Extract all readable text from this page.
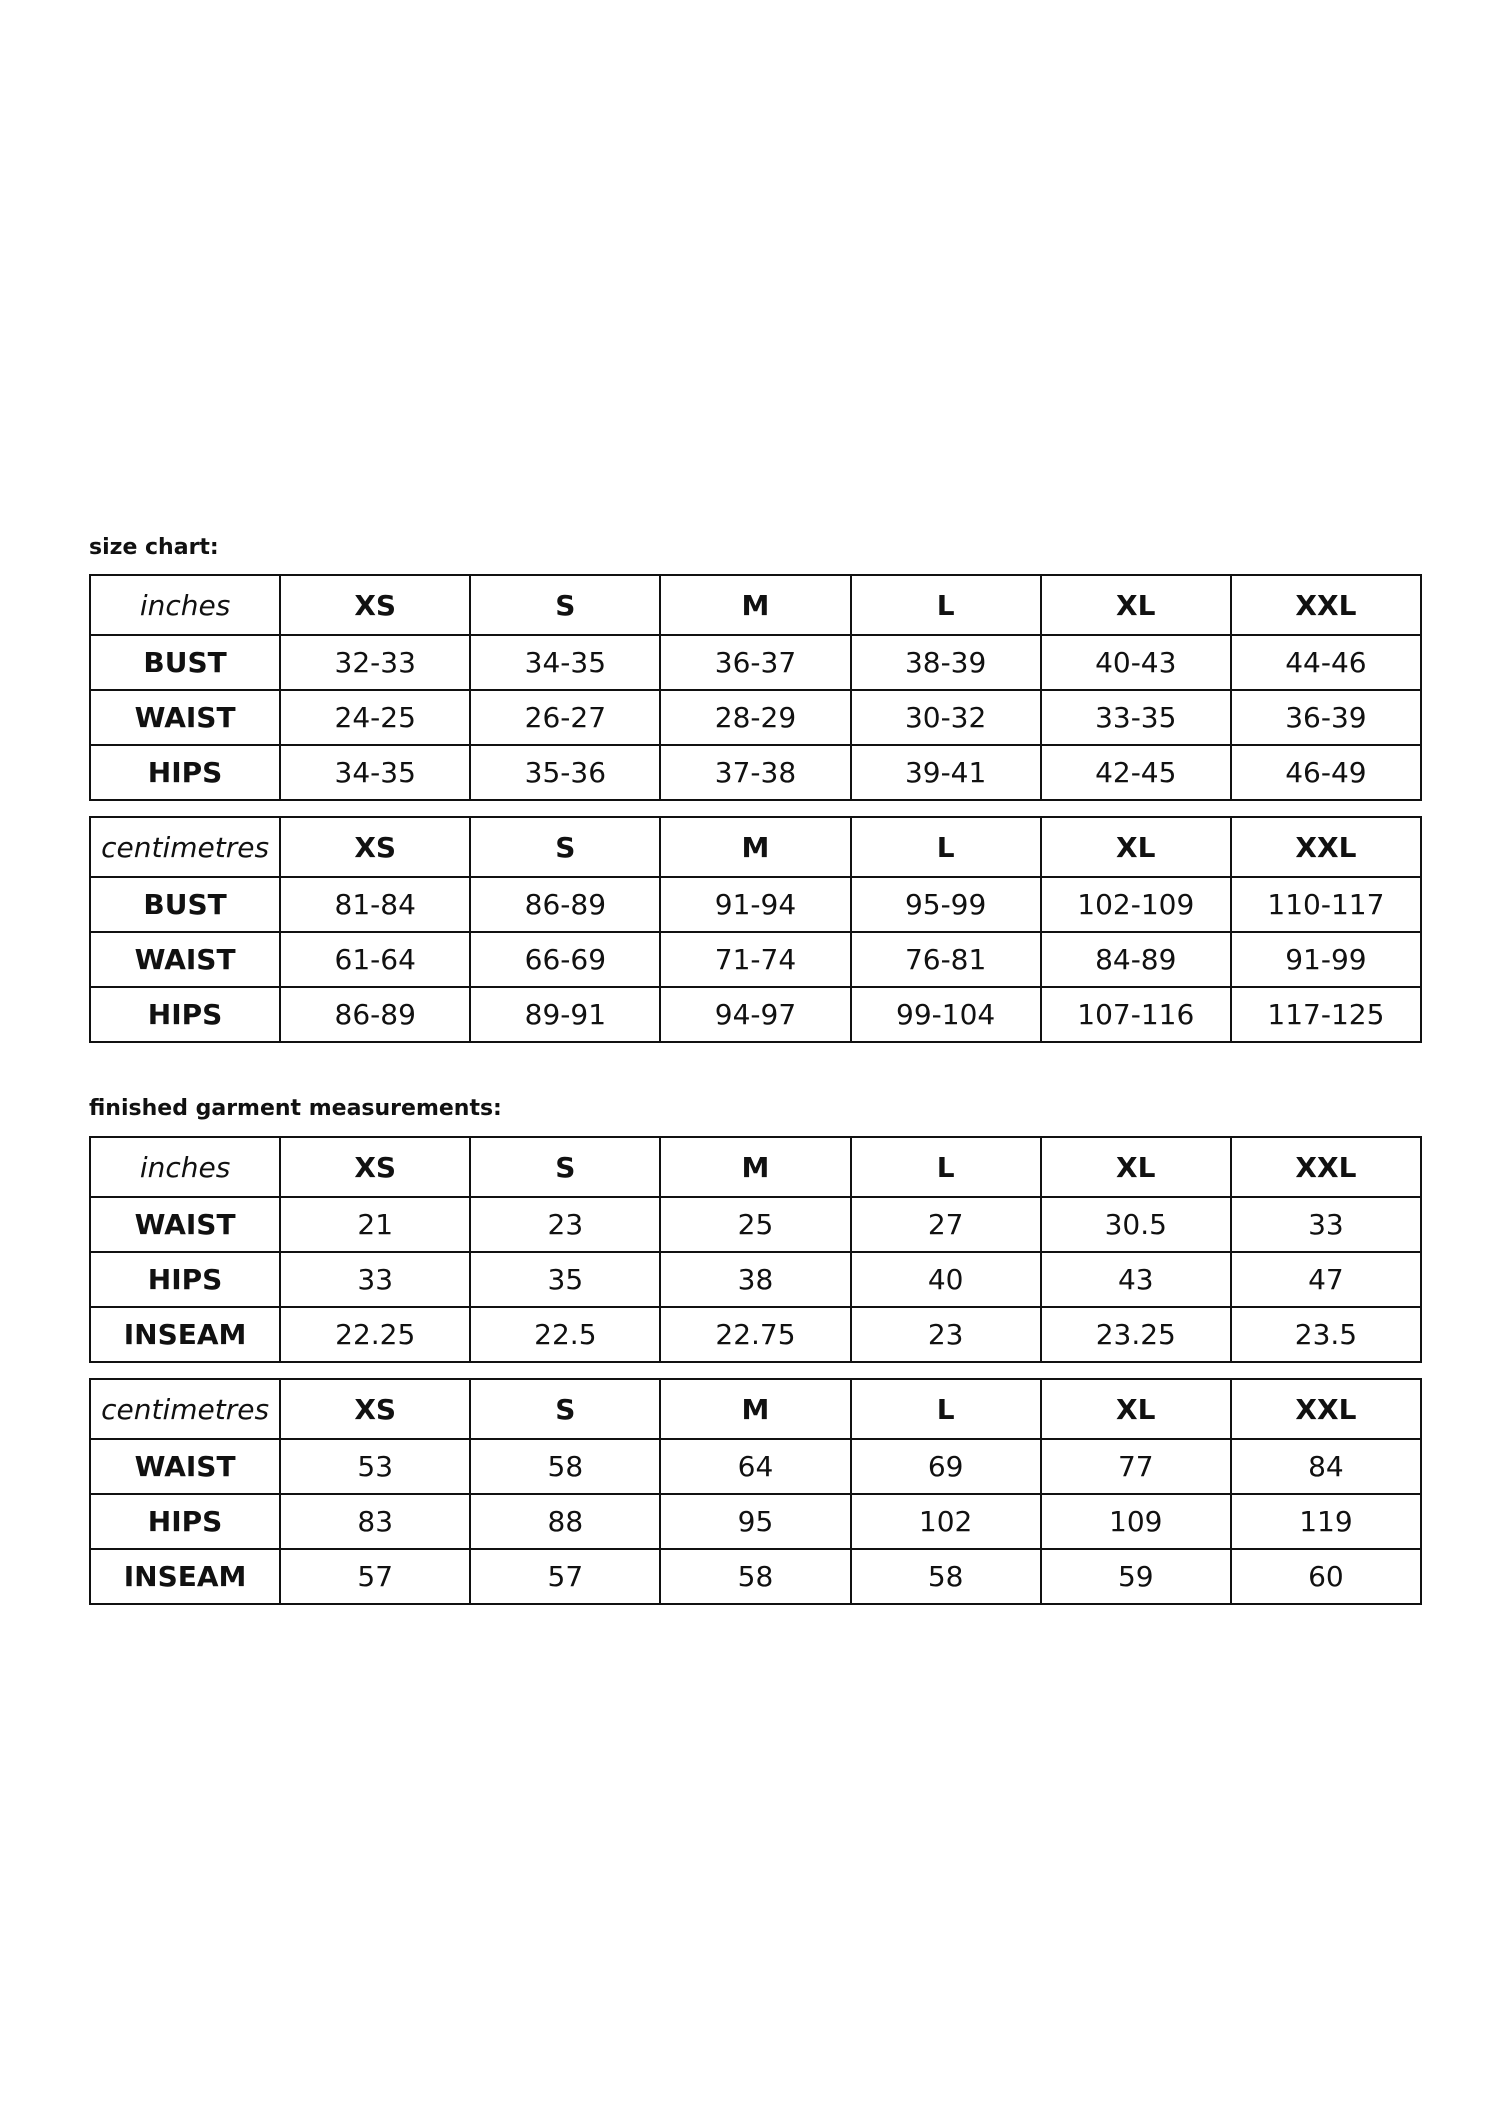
size chart:

inches	XS	S	M	L	XL	XXL
BUST	32-33	34-35	36-37	38-39	40-43	44-46
WAIST	24-25	26-27	28-29	30-32	33-35	36-39
HIPS	34-35	35-36	37-38	39-41	42-45	46-49
centimetres	XS	S	M	L	XL	XXL
BUST	81-84	86-89	91-94	95-99	102-109	110-117
WAIST	61-64	66-69	71-74	76-81	84-89	91-99
HIPS	86-89	89-91	94-97	99-104	107-116	117-125

finished garment measurements:

inches	XS	S	M	L	XL	XXL
WAIST	21	23	25	27	30.5	33
HIPS	33	35	38	40	43	47
INSEAM	22.25	22.5	22.75	23	23.25	23.5
centimetres	XS	S	M	L	XL	XXL
WAIST	53	58	64	69	77	84
HIPS	83	88	95	102	109	119
INSEAM	57	57	58	58	59	60
